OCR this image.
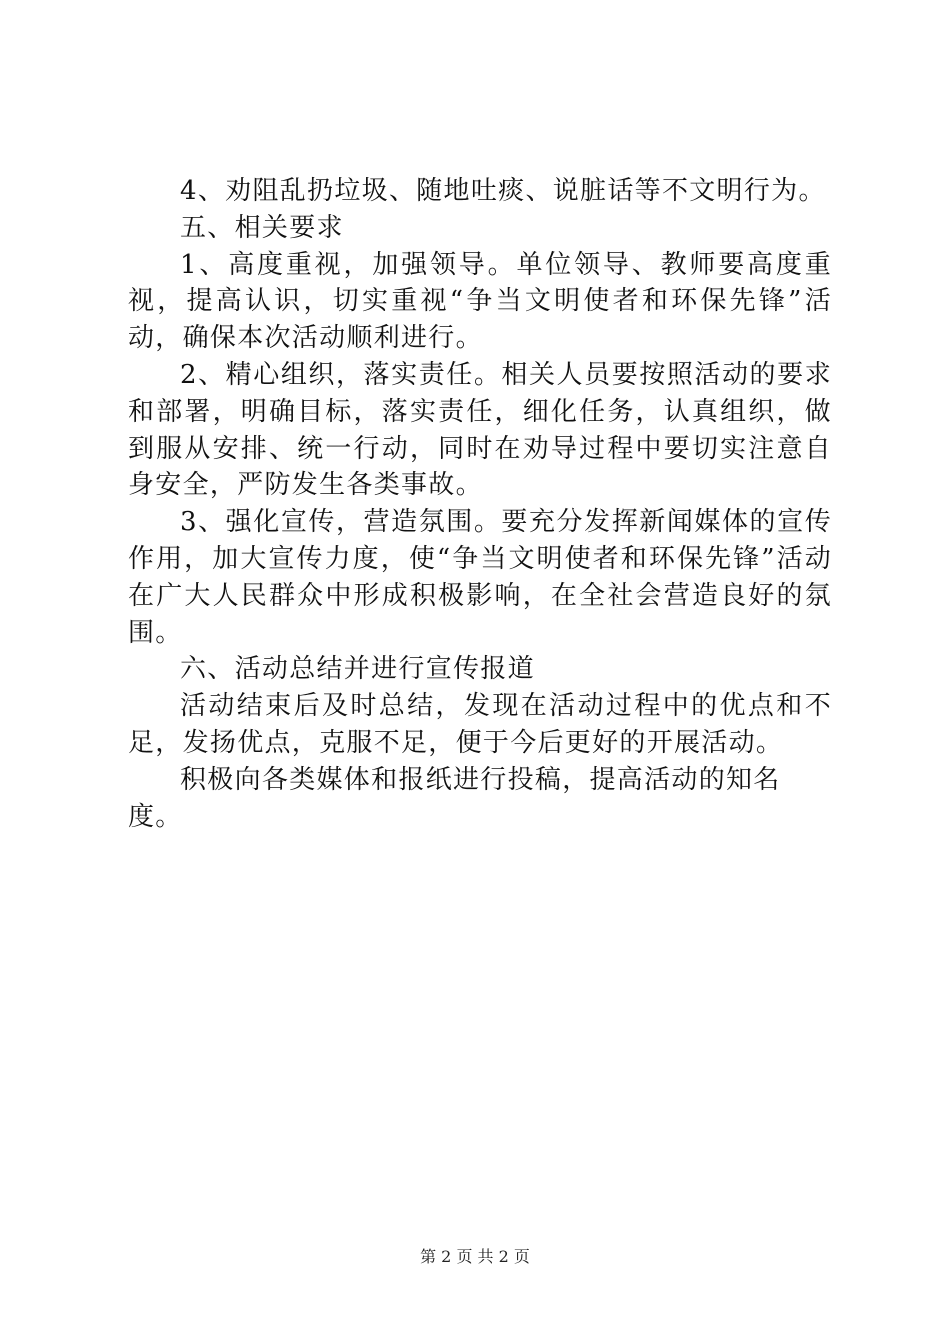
4、劝阻乱扔垃圾、随地吐痰、说脏话等不文明行为。

五、相关要求

1、高度重视，加强领导。单位领导、教师要高度重视，提高认识，切实重视“争当文明使者和环保先锋”活动，确保本次活动顺利进行。

2、精心组织，落实责任。相关人员要按照活动的要求和部署，明确目标，落实责任，细化任务，认真组织，做到服从安排、统一行动，同时在劝导过程中要切实注意自身安全，严防发生各类事故。

3、强化宣传，营造氛围。要充分发挥新闻媒体的宣传作用，加大宣传力度，使“争当文明使者和环保先锋”活动在广大人民群众中形成积极影响，在全社会营造良好的氛围。

六、活动总结并进行宣传报道

活动结束后及时总结，发现在活动过程中的优点和不足，发扬优点，克服不足，便于今后更好的开展活动。

积极向各类媒体和报纸进行投稿，提高活动的知名度。

第 2 页 共 2 页
